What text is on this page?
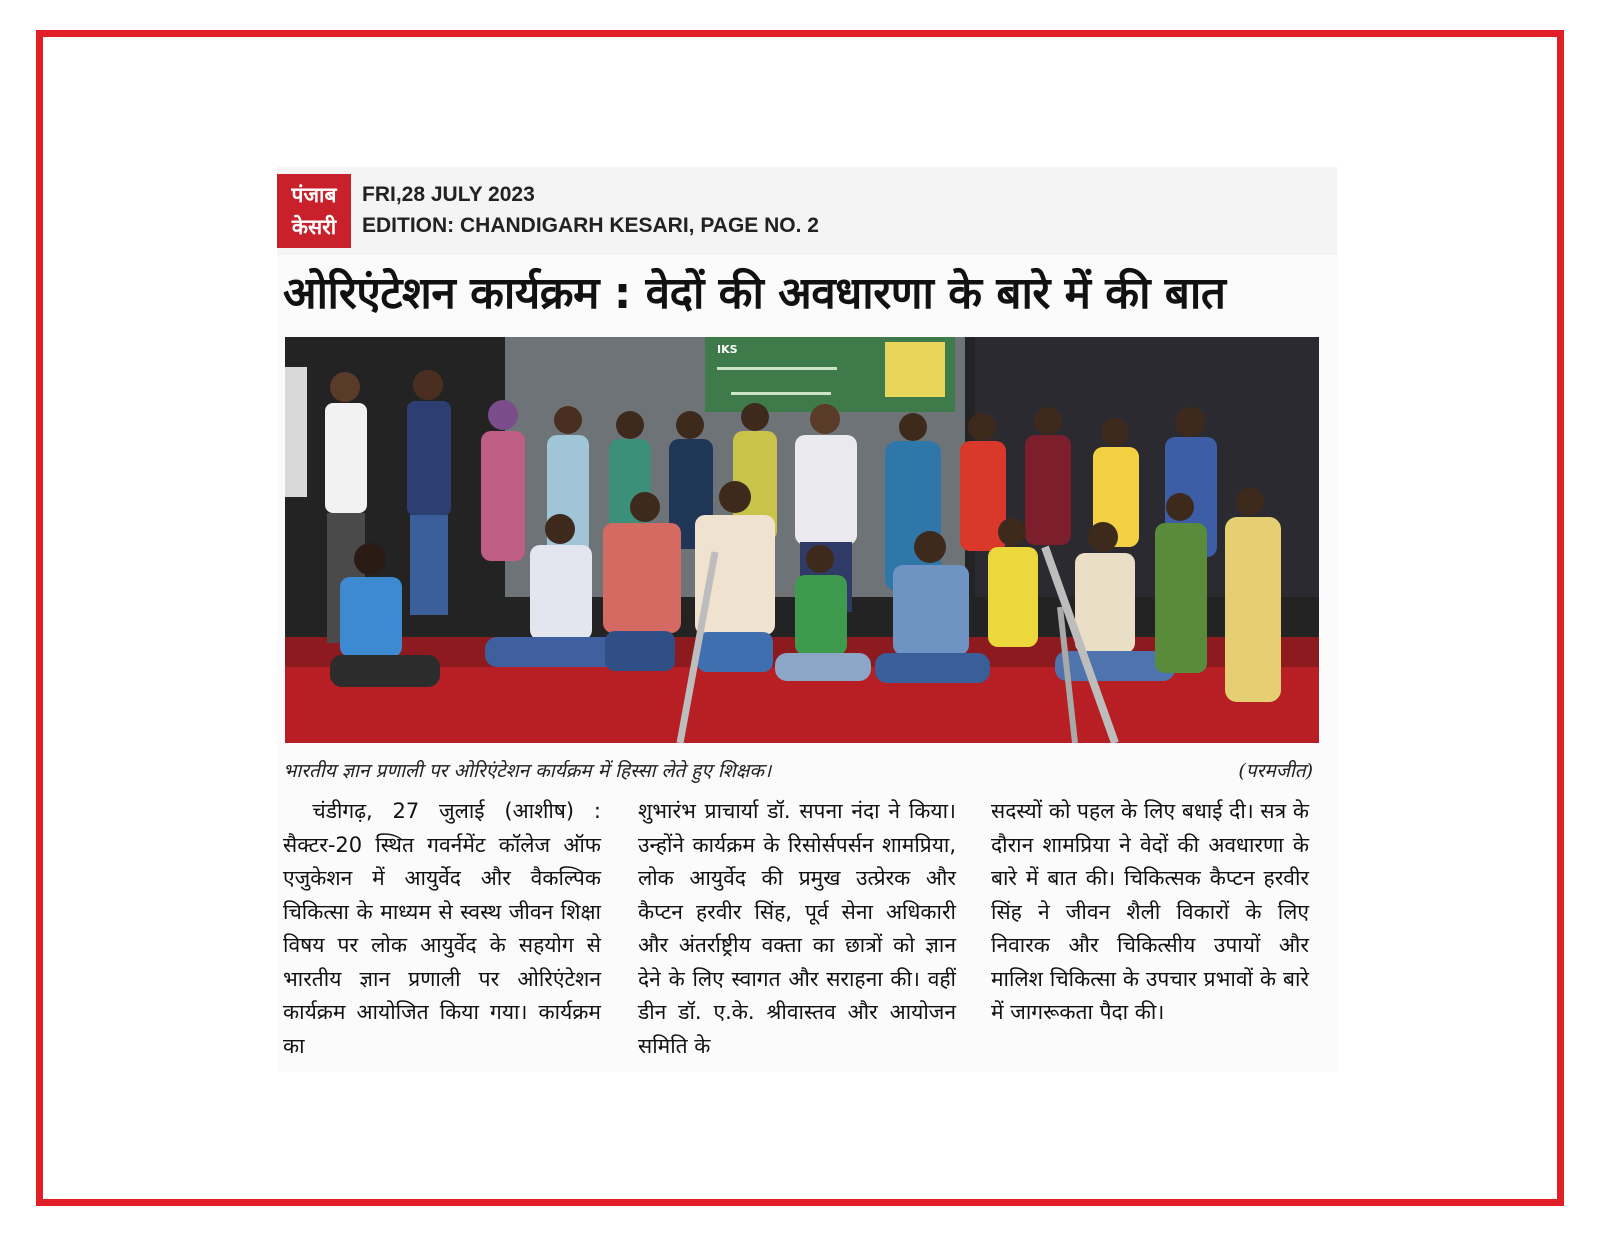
पंजाब
केसरी
FRI,28 JULY 2023
EDITION: CHANDIGARH KESARI, PAGE NO. 2
ओरिएंटेशन कार्यक्रम : वेदों की अवधारणा के बारे में की बात
IKS
भारतीय ज्ञान प्रणाली पर ओरिएंटेशन कार्यक्रम में हिस्सा लेते हुए शिक्षक।	(परमजीत)
चंडीगढ़, 27 जुलाई (आशीष) : सैक्टर-20 स्थित गवर्नमेंट कॉलेज ऑफ एजुकेशन में आयुर्वेद और वैकल्पिक चिकित्सा के माध्यम से स्वस्थ जीवन शिक्षा विषय पर लोक आयुर्वेद के सहयोग से भारतीय ज्ञान प्रणाली पर ओरिएंटेशन कार्यक्रम आयोजित किया गया। कार्यक्रम का
शुभारंभ प्राचार्या डॉ. सपना नंदा ने किया। उन्होंने कार्यक्रम के रिसोर्सपर्सन शामप्रिया, लोक आयुर्वेद की प्रमुख उत्प्रेरक और कैप्टन हरवीर सिंह, पूर्व सेना अधिकारी और अंतर्राष्ट्रीय वक्ता का छात्रों को ज्ञान देने के लिए स्वागत और सराहना की। वहीं डीन डॉ. ए.के. श्रीवास्तव और आयोजन समिति के
सदस्यों को पहल के लिए बधाई दी। सत्र के दौरान शामप्रिया ने वेदों की अवधारणा के बारे में बात की। चिकित्सक कैप्टन हरवीर सिंह ने जीवन शैली विकारों के लिए निवारक और चिकित्सीय उपायों और मालिश चिकित्सा के उपचार प्रभावों के बारे में जागरूकता पैदा की।
